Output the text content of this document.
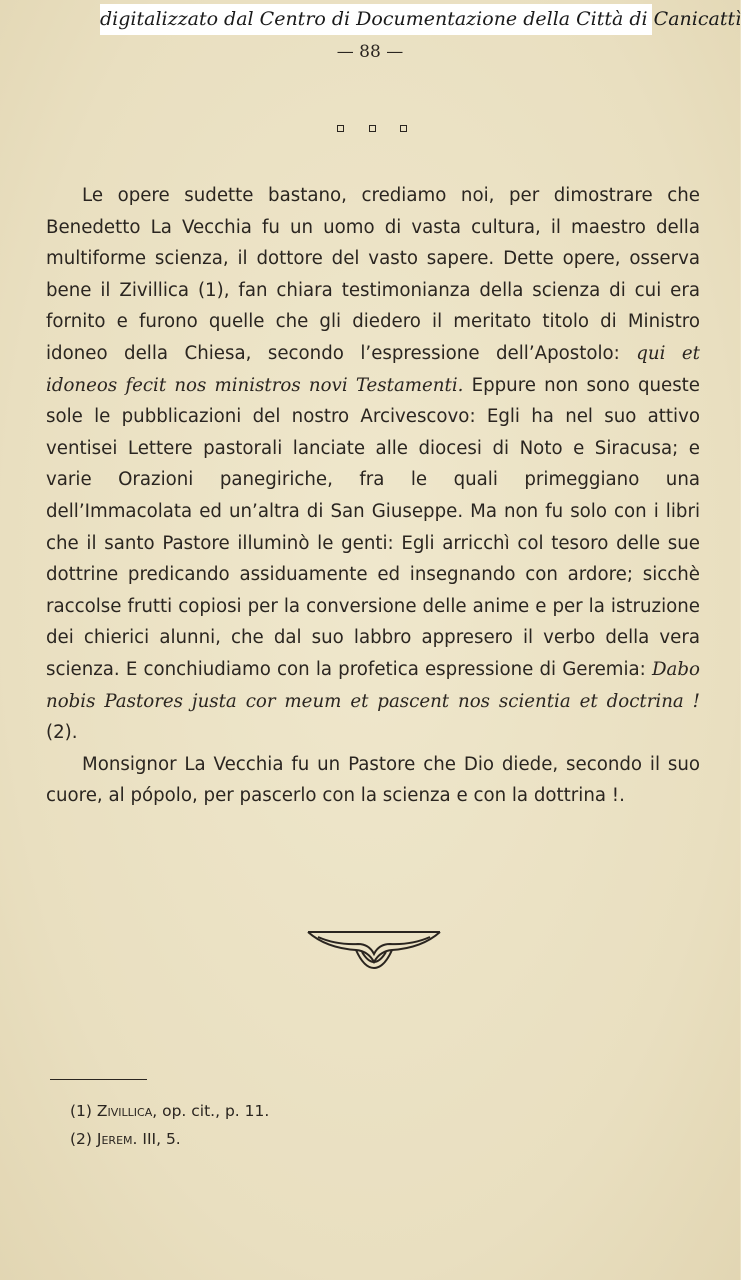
digitalizzato dal Centro di Documentazione della Città di Canicattì
— 88 —

Le opere sudette bastano, crediamo noi, per dimostrare che Benedetto La Vecchia fu un uomo di vasta cultura, il maestro della multiforme scienza, il dottore del vasto sapere. Dette opere, osserva bene il Zivillica (1), fan chiara testimonianza della scienza di cui era fornito e furono quelle che gli diedero il meritato titolo di Ministro idoneo della Chiesa, secondo l’espressione dell’Apostolo: qui et idoneos fecit nos ministros novi Testamenti. Eppure non sono queste sole le pubblicazioni del nostro Arcivescovo: Egli ha nel suo attivo ventisei Lettere pastorali lanciate alle diocesi di Noto e Siracusa; e varie Orazioni panegiriche, fra le quali primeggiano una dell’Immacolata ed un’altra di San Giuseppe. Ma non fu solo con i libri che il santo Pastore illuminò le genti: Egli arricchì col tesoro delle sue dottrine predicando assiduamente ed insegnando con ardore; sicchè raccolse frutti copiosi per la conversione delle anime e per la istruzione dei chierici alunni, che dal suo labbro appresero il verbo della vera scienza. E conchiudiamo con la profetica espressione di Geremia: Dabo nobis Pastores justa cor meum et pascent nos scientia et doctrina ! (2).

Monsignor La Vecchia fu un Pastore che Dio diede, secondo il suo cuore, al pópolo, per pascerlo con la scienza e con la dottrina !.

(1) Zivillica, op. cit., p. 11.
(2) Jerem. III, 5.
